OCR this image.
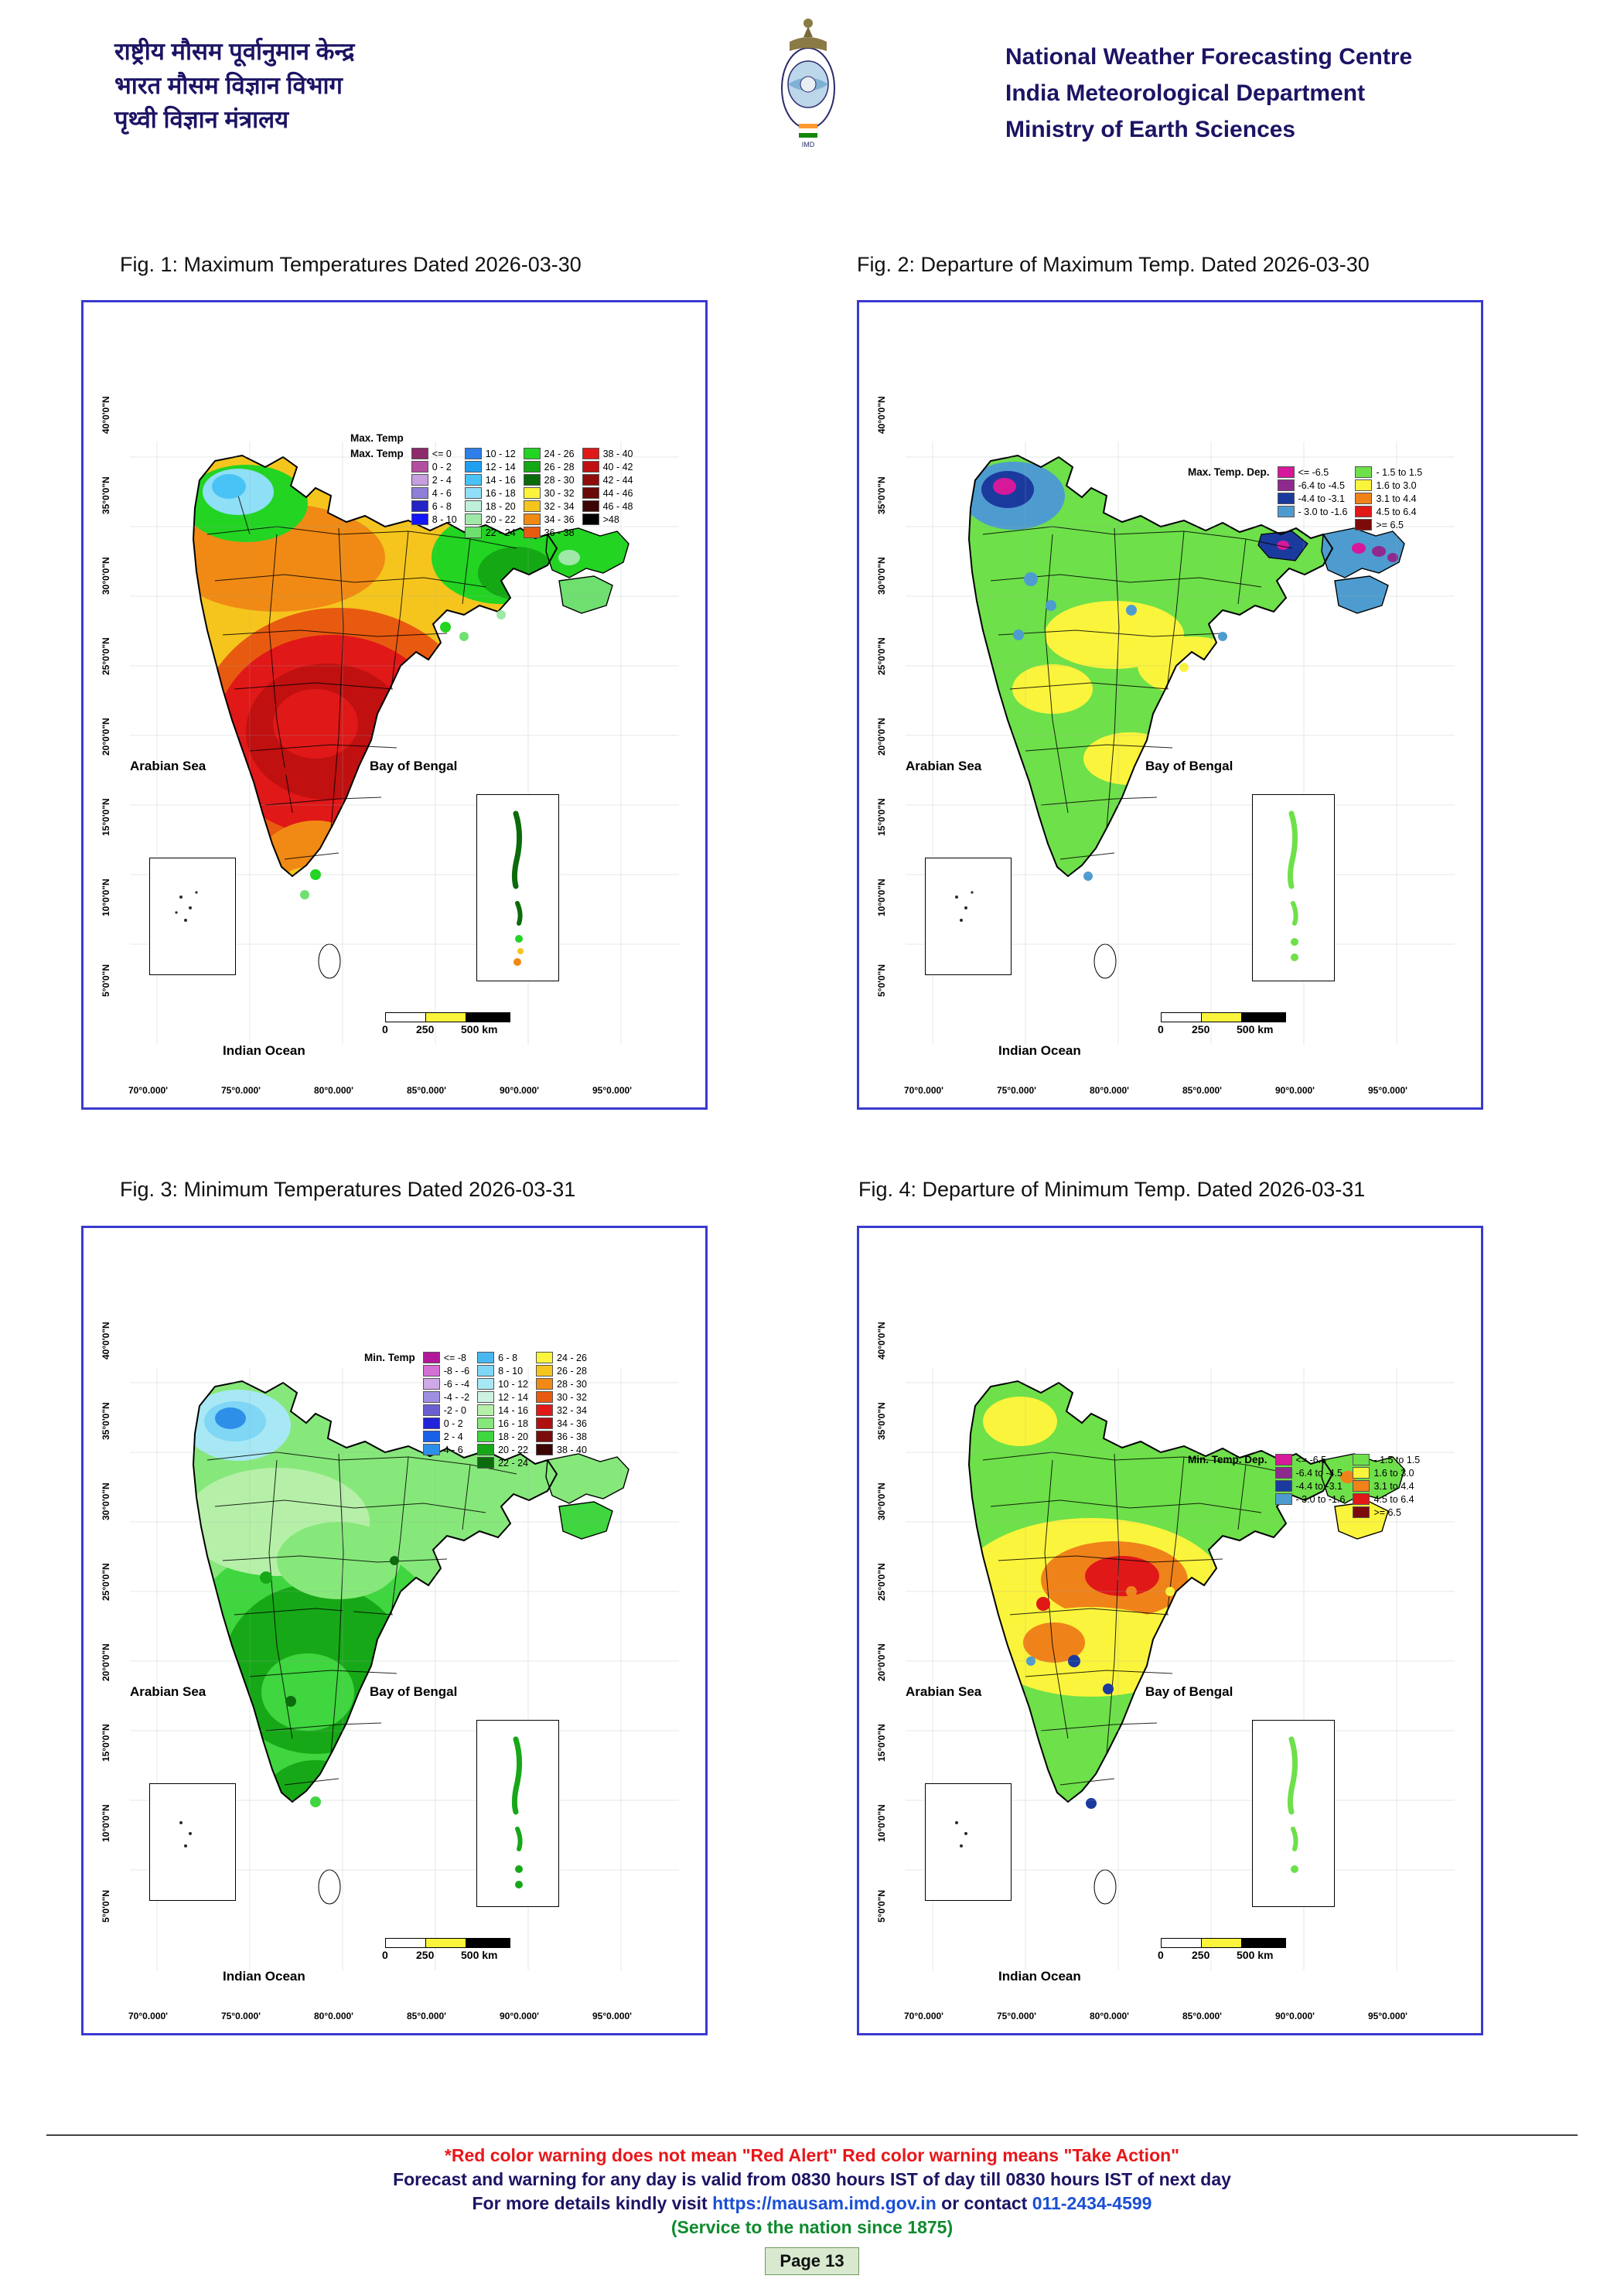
राष्ट्रीय मौसम पूर्वानुमान केन्द्र
भारत मौसम विज्ञान विभाग
पृथ्वी विज्ञान मंत्रालय
IMD
National Weather Forecasting Centre
India Meteorological Department
Ministry of Earth Sciences
Fig. 1: Maximum Temperatures Dated 2026-03-30	Fig. 2: Departure of Maximum Temp. Dated 2026-03-30
Fig. 3: Minimum Temperatures Dated 2026-03-31	Fig. 4: Departure of Minimum Temp. Dated 2026-03-31
Max. Temp
Max. Temp	<= 0
0 - 2
2 - 4
4 - 6
6 - 8
8 - 10
10 - 12
12 - 14
14 - 16
16 - 18
18 - 20
20 - 22
22 - 24
24 - 26
26 - 28
28 - 30
30 - 32
32 - 34
34 - 36
36 - 38
38 - 40
40 - 42
42 - 44
44 - 46
46 - 48
>48
Arabian Sea	Bay of Bengal
Indian Ocean
0	250 500 km
40°0'0"N
35°0'0"N
30°0'0"N
25°0'0"N
20°0'0"N
15°0'0"N
10°0'0"N
5°0'0"N
70°0.000'	75°0.000'	80°0.000'	85°0.000'	90°0.000'	95°0.000'
Max. Temp. Dep.	<= -6.5
-6.4 to -4.5
-4.4 to -3.1
- 3.0 to -1.6
- 1.5 to 1.5
1.6 to 3.0
3.1 to 4.4
4.5 to 6.4
>= 6.5
Arabian Sea	Bay of Bengal
Indian Ocean
0	250 500 km
40°0'0"N
35°0'0"N
30°0'0"N
25°0'0"N
20°0'0"N
15°0'0"N
10°0'0"N
5°0'0"N
70°0.000'	75°0.000'	80°0.000'	85°0.000'	90°0.000'	95°0.000'
Min. Temp	<= -8
-8 - -6
-6 - -4
-4 - -2
-2 - 0
0 - 2
2 - 4
4 - 6
6 - 8
8 - 10
10 - 12
12 - 14
14 - 16
16 - 18
18 - 20
20 - 22
22 - 24
24 - 26
26 - 28
28 - 30
30 - 32
32 - 34
34 - 36
36 - 38
38 - 40
Arabian Sea	Bay of Bengal
Indian Ocean
0	250 500 km
40°0'0"N
35°0'0"N
30°0'0"N
25°0'0"N
20°0'0"N
15°0'0"N
10°0'0"N
5°0'0"N
70°0.000'	75°0.000'	80°0.000'	85°0.000'	90°0.000'	95°0.000'
Min. Temp. Dep.	<= -6.5
-6.4 to -4.5
-4.4 to -3.1
- 3.0 to -1.6
- 1.5 to 1.5
1.6 to 3.0
3.1 to 4.4
4.5 to 6.4
>= 6.5
Arabian Sea	Bay of Bengal
Indian Ocean
0	250 500 km
40°0'0"N
35°0'0"N
30°0'0"N
25°0'0"N
20°0'0"N
15°0'0"N
10°0'0"N
5°0'0"N
70°0.000'	75°0.000'	80°0.000'	85°0.000'	90°0.000'	95°0.000'
*Red color warning does not mean "Red Alert" Red color warning means "Take Action"
Forecast and warning for any day is valid from 0830 hours IST of day till 0830 hours IST of next day
For more details kindly visit https://mausam.imd.gov.in or contact 011-2434-4599
(Service to the nation since 1875)
Page 13
